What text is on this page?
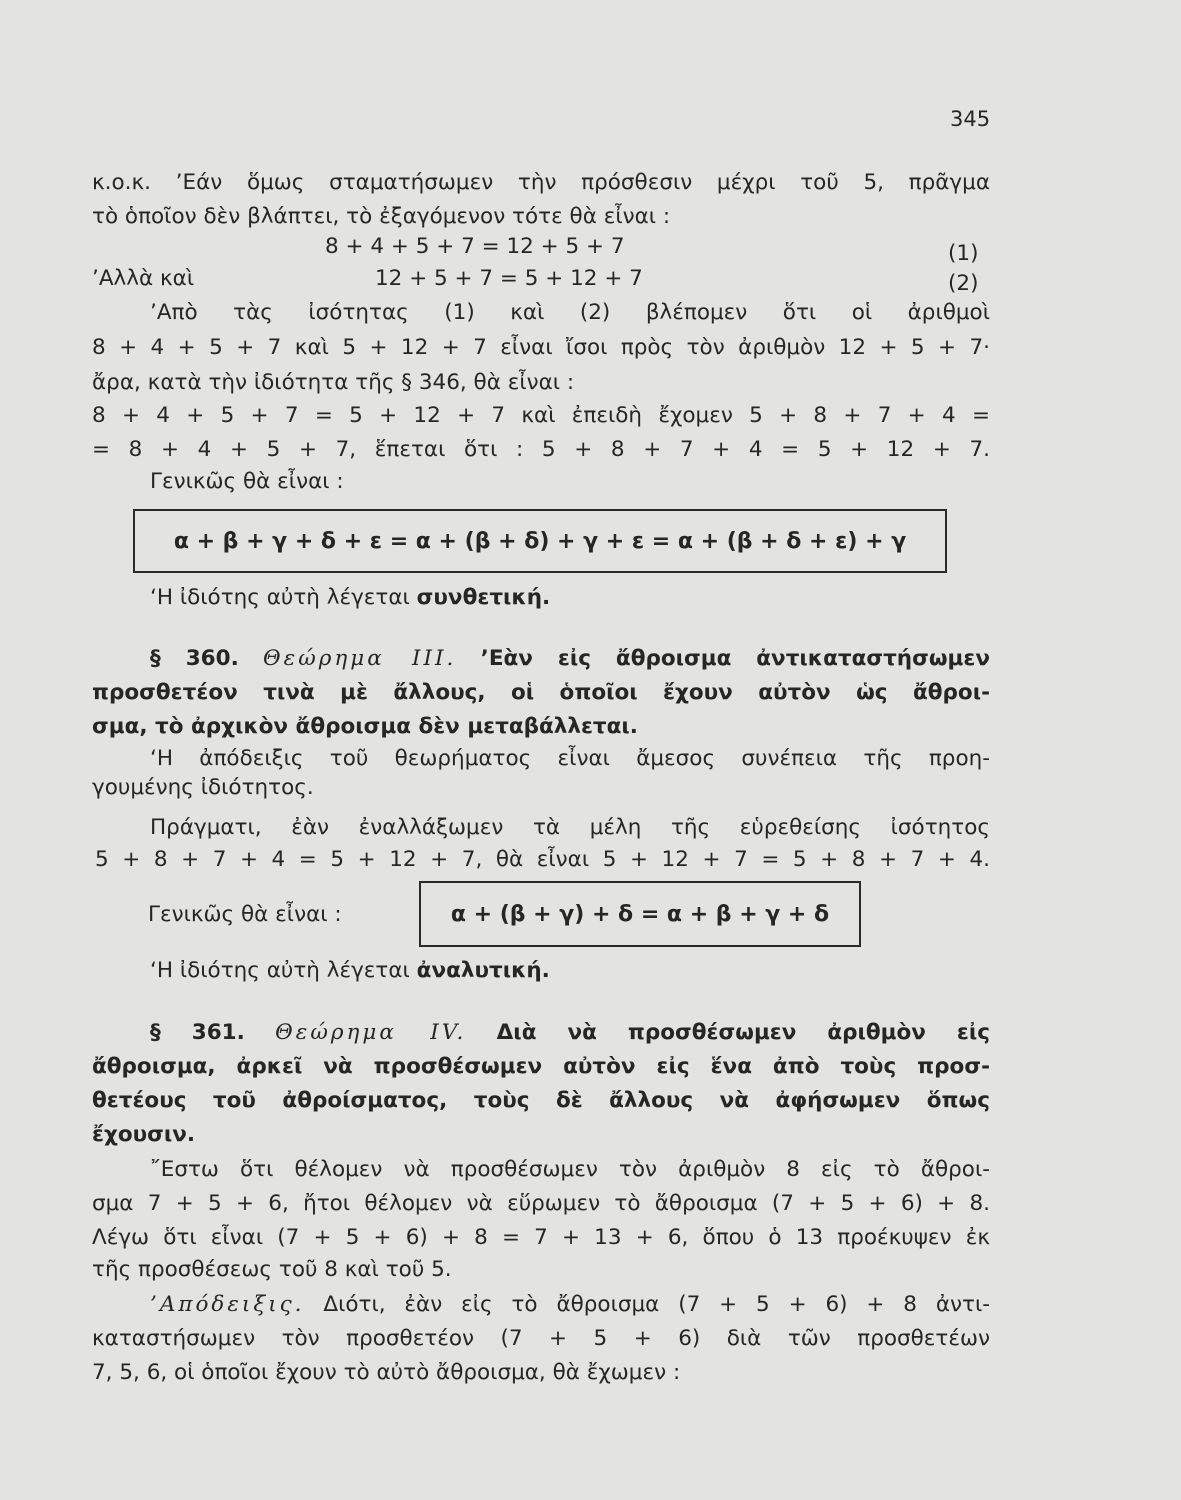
345
κ.ο.κ. ’Εάν ὅμως σταματήσωμεν τὴν πρόσθεσιν μέχρι τοῦ 5, πρᾶγμα
τὸ ὁποῖον δὲν βλάπτει, τὸ ἐξαγόμενον τότε θὰ εἶναι :
8 + 4 + 5 + 7 = 12 + 5 + 7	(1)
’Αλλὰ καὶ	12 + 5 + 7 = 5 + 12 + 7	(2)
’Απὸ τὰς ἰσότητας (1) καὶ (2) βλέπομεν ὅτι οἱ ἀριθμοὶ
8 + 4 + 5 + 7 καὶ 5 + 12 + 7 εἶναι ἴσοι πρὸς τὸν ἀριθμὸν 12 + 5 + 7·
ἄρα, κατὰ τὴν ἰδιότητα τῆς § 346, θὰ εἶναι :
8 + 4 + 5 + 7 = 5 + 12 + 7 καὶ ἐπειδὴ ἔχομεν 5 + 8 + 7 + 4 =
= 8 + 4 + 5 + 7, ἕπεται ὅτι : 5 + 8 + 7 + 4 = 5 + 12 + 7.
Γενικῶς θὰ εἶναι :
α + β + γ + δ + ε = α + (β + δ) + γ + ε = α + (β + δ + ε) + γ
‘Η ἰδιότης αὐτὴ λέγεται συνθετική.
§ 360. Θεώρημα III. ’Εὰν εἰς ἄθροισμα ἀντικαταστήσωμεν
προσθετέον τινὰ μὲ ἄλλους, οἱ ὁποῖοι ἔχουν αὐτὸν ὡς ἄθροι-
σμα, τὸ ἀρχικὸν ἄθροισμα δὲν μεταβάλλεται.
‘Η ἀπόδειξις τοῦ θεωρήματος εἶναι ἄμεσος συνέπεια τῆς προη-
γουμένης ἰδιότητος.
Πράγματι, ἐὰν ἐναλλάξωμεν τὰ μέλη τῆς εὑρεθείσης ἰσότητος
5 + 8 + 7 + 4 = 5 + 12 + 7, θὰ εἶναι 5 + 12 + 7 = 5 + 8 + 7 + 4.
Γενικῶς θὰ εἶναι :	α + (β + γ) + δ = α + β + γ + δ
‘Η ἰδιότης αὐτὴ λέγεται ἀναλυτική.
§ 361. Θεώρημα IV. Διὰ νὰ προσθέσωμεν ἀριθμὸν εἰς
ἄθροισμα, ἀρκεῖ νὰ προσθέσωμεν αὐτὸν εἰς ἕνα ἀπὸ τοὺς προσ-
θετέους τοῦ ἀθροίσματος, τοὺς δὲ ἄλλους νὰ ἀφήσωμεν ὅπως
ἔχουσιν.
῎Εστω ὅτι θέλομεν νὰ προσθέσωμεν τὸν ἀριθμὸν 8 εἰς τὸ ἄθροι-
σμα 7 + 5 + 6, ἤτοι θέλομεν νὰ εὕρωμεν τὸ ἄθροισμα (7 + 5 + 6) + 8.
Λέγω ὅτι εἶναι (7 + 5 + 6) + 8 = 7 + 13 + 6, ὅπου ὁ 13 προέκυψεν ἐκ
τῆς προσθέσεως τοῦ 8 καὶ τοῦ 5.
’Απόδειξις. Διότι, ἐὰν εἰς τὸ ἄθροισμα (7 + 5 + 6) + 8 ἀντι-
καταστήσωμεν τὸν προσθετέον (7 + 5 + 6) διὰ τῶν προσθετέων
7, 5, 6, οἱ ὁποῖοι ἔχουν τὸ αὐτὸ ἄθροισμα, θὰ ἔχωμεν :
